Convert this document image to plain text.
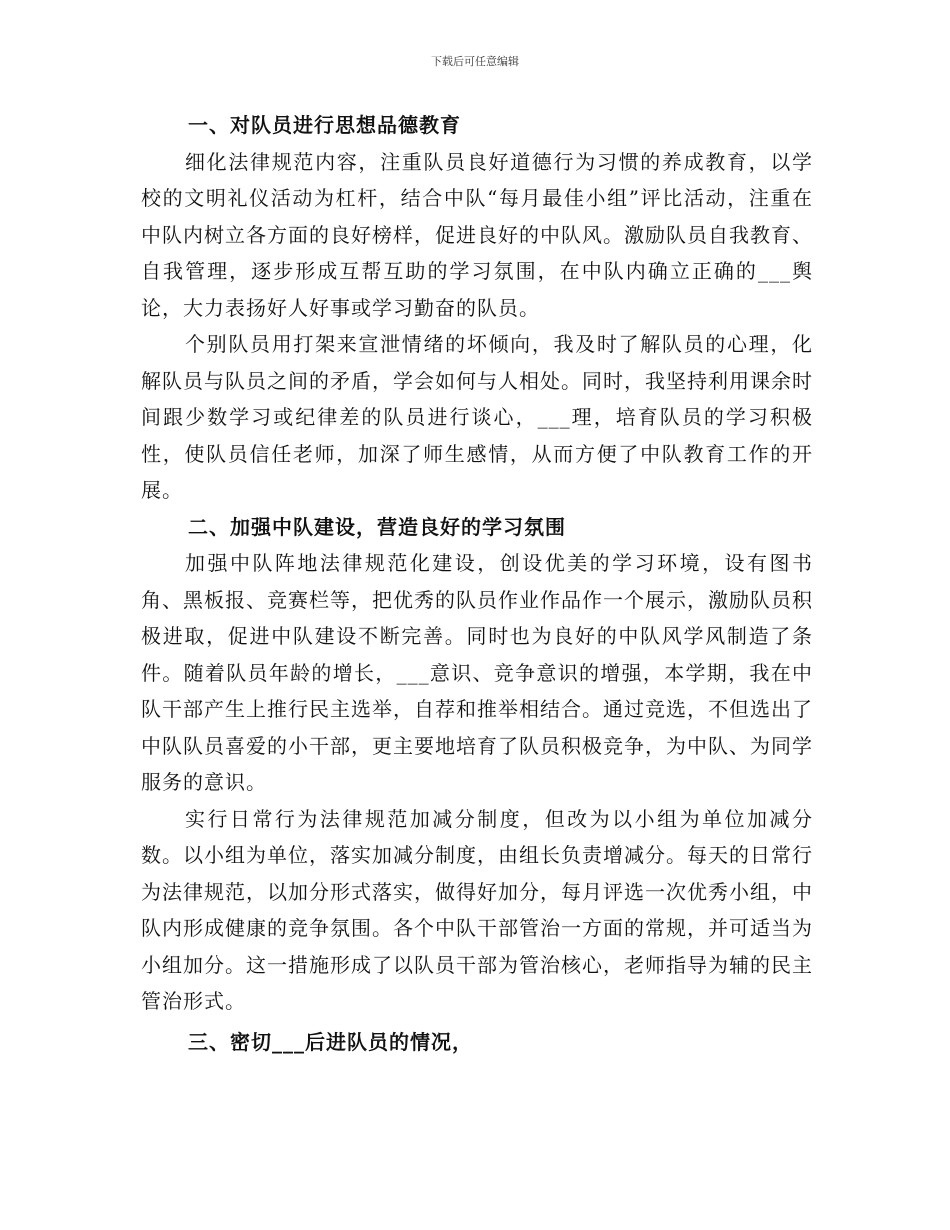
下载后可任意编辑

一、对队员进行思想品德教育

细化法律规范内容，注重队员良好道德行为习惯的养成教育，以学校的文明礼仪活动为杠杆，结合中队“每月最佳小组”评比活动，注重在中队内树立各方面的良好榜样，促进良好的中队风。激励队员自我教育、自我管理，逐步形成互帮互助的学习氛围，在中队内确立正确的___舆论，大力表扬好人好事或学习勤奋的队员。

个别队员用打架来宣泄情绪的坏倾向，我及时了解队员的心理，化解队员与队员之间的矛盾，学会如何与人相处。同时，我坚持利用课余时间跟少数学习或纪律差的队员进行谈心，___理，培育队员的学习积极性，使队员信任老师，加深了师生感情，从而方便了中队教育工作的开展。

二、加强中队建设，营造良好的学习氛围

加强中队阵地法律规范化建设，创设优美的学习环境，设有图书角、黑板报、竞赛栏等，把优秀的队员作业作品作一个展示，激励队员积极进取，促进中队建设不断完善。同时也为良好的中队风学风制造了条件。随着队员年龄的增长，___意识、竞争意识的增强，本学期，我在中队干部产生上推行民主选举，自荐和推举相结合。通过竞选，不但选出了中队队员喜爱的小干部，更主要地培育了队员积极竞争，为中队、为同学服务的意识。

实行日常行为法律规范加减分制度，但改为以小组为单位加减分数。以小组为单位，落实加减分制度，由组长负责增减分。每天的日常行为法律规范，以加分形式落实，做得好加分，每月评选一次优秀小组，中队内形成健康的竞争氛围。各个中队干部管治一方面的常规，并可适当为小组加分。这一措施形成了以队员干部为管治核心，老师指导为辅的民主管治形式。

三、密切___后进队员的情况，
